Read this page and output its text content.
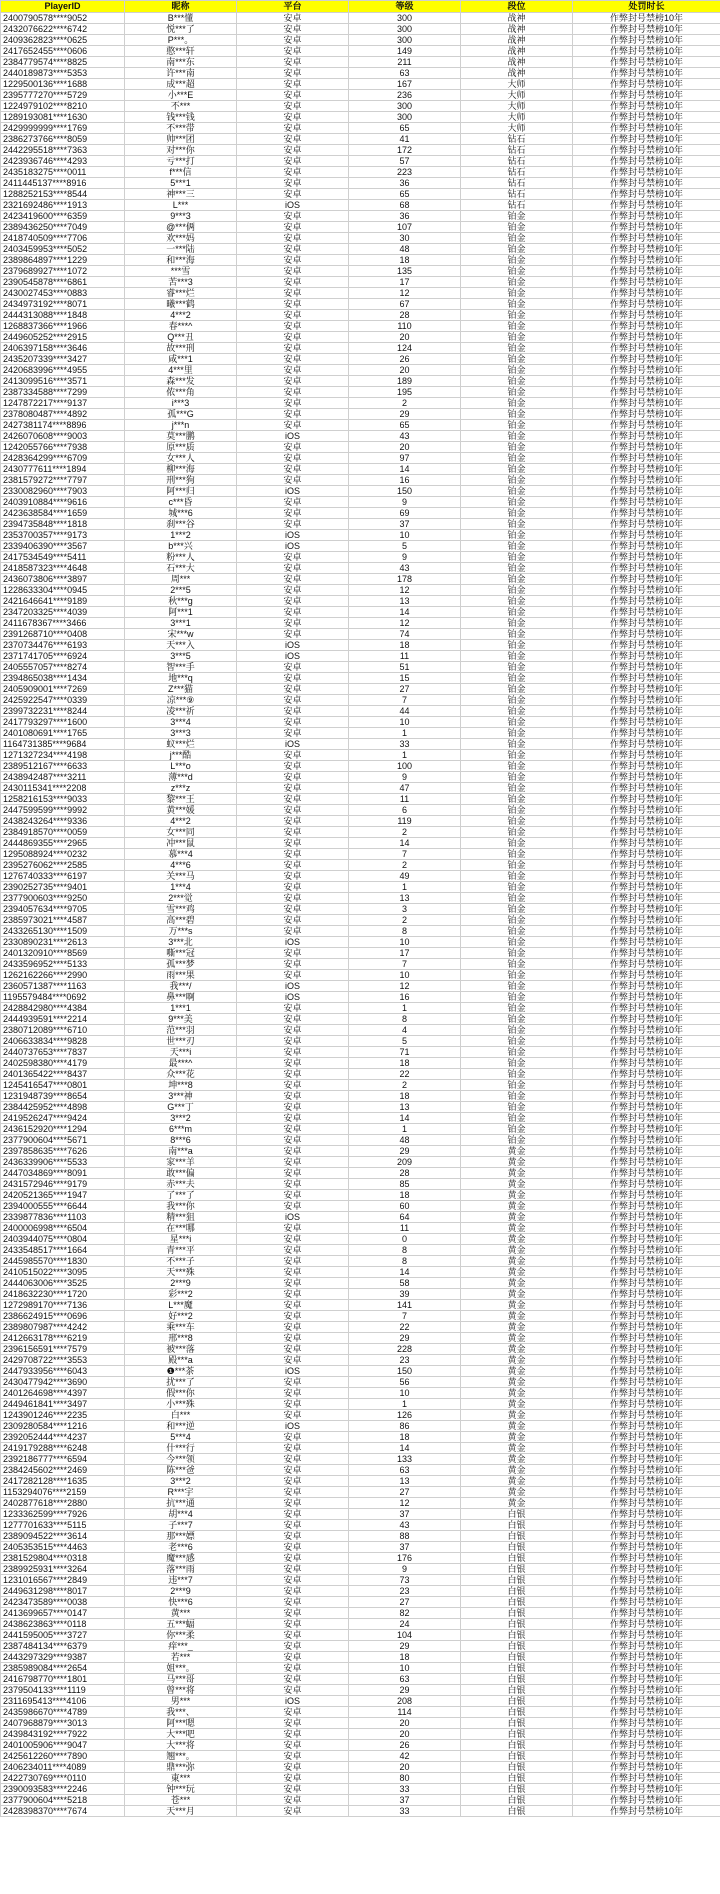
PlayerID	昵称	平台	等级	段位	处罚时长
2400790578****9052	B***懂	安卓	300	战神	作弊封号禁榜10年
2432076622****6742	悦***了	安卓	300	战神	作弊封号禁榜10年
2409362823****0625	P***。	安卓	300	战神	作弊封号禁榜10年
2417652455****0606	憨***轩	安卓	149	战神	作弊封号禁榜10年
2384779574****8825	南***东	安卓	211	战神	作弊封号禁榜10年
2440189873****5353	许***南	安卓	63	战神	作弊封号禁榜10年
1229500136****1688	成***超	安卓	167	大师	作弊封号禁榜10年
2395777270****5729	小***E	安卓	236	大师	作弊封号禁榜10年
1224979102****8210	不***	安卓	300	大师	作弊封号禁榜10年
1289193081****1630	钱***钱	安卓	300	大师	作弊封号禁榜10年
2429999999****1769	不***带	安卓	65	大师	作弊封号禁榜10年
2386273766****8059	帅***团	安卓	41	钻石	作弊封号禁榜10年
2442295518****7363	对***你	安卓	172	钻石	作弊封号禁榜10年
2423936746****4293	亏***打	安卓	57	钻石	作弊封号禁榜10年
2435183275****0011	f***信	安卓	223	钻石	作弊封号禁榜10年
2411445137****8916	5***1	安卓	36	钻石	作弊封号禁榜10年
1288252153****8544	神***三	安卓	65	钻石	作弊封号禁榜10年
2321692486****1913	L***	iOS	68	钻石	作弊封号禁榜10年
2423419600****6359	9***3	安卓	36	铂金	作弊封号禁榜10年
2389436250****7049	@***俩	安卓	107	铂金	作弊封号禁榜10年
2418740509****7706	欢***妈	安卓	30	铂金	作弊封号禁榜10年
2403459953****5052	一***陆	安卓	48	铂金	作弊封号禁榜10年
2389864897****1229	和***海	安卓	18	铂金	作弊封号禁榜10年
2379689927****1072	***雪	安卓	135	铂金	作弊封号禁榜10年
2390545878****6861	苦***3	安卓	17	铂金	作弊封号禁榜10年
2430027453****0883	睿***烂	安卓	12	铂金	作弊封号禁榜10年
2434973192****8071	曦***鹤	安卓	67	铂金	作弊封号禁榜10年
2444313088****1848	4***2	安卓	28	铂金	作弊封号禁榜10年
1268837366****1966	春***^	安卓	110	铂金	作弊封号禁榜10年
2449605252****2915	Q***丑	安卓	20	铂金	作弊封号禁榜10年
2406397158****3646	故***刑	安卓	124	铂金	作弊封号禁榜10年
2435207339****3427	咸***1	安卓	26	铂金	作弊封号禁榜10年
2420683996****4955	4***里	安卓	20	铂金	作弊封号禁榜10年
2413099516****3571	森***发	安卓	189	铂金	作弊封号禁榜10年
2387334588****7299	侬***角	安卓	195	铂金	作弊封号禁榜10年
1247872217****9137	i***3	安卓	2	铂金	作弊封号禁榜10年
2378080487****4892	孤***G	安卓	29	铂金	作弊封号禁榜10年
2427381174****8896	j***n	安卓	65	铂金	作弊封号禁榜10年
2426070608****9003	莫***鹏	iOS	43	铂金	作弊封号禁榜10年
1242055766****7938	原***质	安卓	20	铂金	作弊封号禁榜10年
2428364299****6709	女***人	安卓	97	铂金	作弊封号禁榜10年
2430777611****1894	柳***海	安卓	14	铂金	作弊封号禁榜10年
2381579272****7797	刑***狗	安卓	16	铂金	作弊封号禁榜10年
2330082960****7903	阿***归	iOS	150	铂金	作弊封号禁榜10年
2403910884****9616	c***昏	安卓	9	铂金	作弊封号禁榜10年
2423638584****1659	城***6	安卓	69	铂金	作弊封号禁榜10年
2394735848****1818	刹***谷	安卓	37	铂金	作弊封号禁榜10年
2353700357****9173	1***2	iOS	10	铂金	作弊封号禁榜10年
2339406390****3567	b***兴	iOS	5	铂金	作弊封号禁榜10年
2417534549****5411	粉***人	安卓	9	铂金	作弊封号禁榜10年
2418587323****4648	石***大	安卓	43	铂金	作弊封号禁榜10年
2436073806****3897	周***	安卓	178	铂金	作弊封号禁榜10年
1228633304****0945	2***5	安卓	12	铂金	作弊封号禁榜10年
2421646641****9189	秋***g	安卓	13	铂金	作弊封号禁榜10年
2347203325****4039	阿***1	安卓	14	铂金	作弊封号禁榜10年
2411678367****3466	3***1	安卓	12	铂金	作弊封号禁榜10年
2391268710****0408	宋***w	安卓	74	铂金	作弊封号禁榜10年
2370734476****6193	天***入	iOS	18	铂金	作弊封号禁榜10年
2371741705****6924	3***5	iOS	11	铂金	作弊封号禁榜10年
2405557057****8274	智***手	安卓	51	铂金	作弊封号禁榜10年
2394865038****1434	地***q	安卓	15	铂金	作弊封号禁榜10年
2405909001****7269	Z***猫	安卓	27	铂金	作弊封号禁榜10年
2425922547****0339	凉***⑨	安卓	7	铂金	作弊封号禁榜10年
2399732231****8244	凌***祈	安卓	44	铂金	作弊封号禁榜10年
2417793297****1600	3***4	安卓	10	铂金	作弊封号禁榜10年
2401080691****1765	3***3	安卓	1	铂金	作弊封号禁榜10年
1164731385****9684	蚁***烂	iOS	33	铂金	作弊封号禁榜10年
1271327234****4198	j***酷	安卓	1	铂金	作弊封号禁榜10年
2389512167****6633	L***o	安卓	100	铂金	作弊封号禁榜10年
2438942487****3211	薄***d	安卓	9	铂金	作弊封号禁榜10年
2430115341****2208	z***z	安卓	47	铂金	作弊封号禁榜10年
1258216153****9033	黎***王	安卓	11	铂金	作弊封号禁榜10年
2447599599****9992	黄***媛	安卓	6	铂金	作弊封号禁榜10年
2438243264****9336	4***2	安卓	119	铂金	作弊封号禁榜10年
2384918570****0059	女***同	安卓	2	铂金	作弊封号禁榜10年
2444869355****2965	冲***鼠	安卓	14	铂金	作弊封号禁榜10年
1295088924****0232	慕***4	安卓	7	铂金	作弊封号禁榜10年
2395276062****2585	4***6	安卓	2	铂金	作弊封号禁榜10年
1276740333****6197	关***马	安卓	49	铂金	作弊封号禁榜10年
2390252735****9401	1***4	安卓	1	铂金	作弊封号禁榜10年
2377900603****9250	2***觉	安卓	13	铂金	作弊封号禁榜10年
2394057634****9705	雪***鸡	安卓	3	铂金	作弊封号禁榜10年
2385973021****4587	高***碧	安卓	2	铂金	作弊封号禁榜10年
2433265130****1509	万***s	安卓	8	铂金	作弊封号禁榜10年
2330890231****2613	3***北	iOS	10	铂金	作弊封号禁榜10年
2401320910****8569	嘶***冠	安卓	17	铂金	作弊封号禁榜10年
2433596952****5133	孤***梦	安卓	7	铂金	作弊封号禁榜10年
1262162266****2990	雨***果	安卓	10	铂金	作弊封号禁榜10年
2360571387****1163	我***/	iOS	12	铂金	作弊封号禁榜10年
1195579484****0692	鼻***啊	iOS	16	铂金	作弊封号禁榜10年
2428842980****4384	1***1	安卓	1	铂金	作弊封号禁榜10年
2444939591****2214	9***美	安卓	8	铂金	作弊封号禁榜10年
2380712089****6710	范***羽	安卓	4	铂金	作弊封号禁榜10年
2406633834****9828	世***刃	安卓	5	铂金	作弊封号禁榜10年
2440737653****7837	天***i	安卓	71	铂金	作弊封号禁榜10年
2402598380****4179	最***^	安卓	18	铂金	作弊封号禁榜10年
2401365422****8437	众***花	安卓	22	铂金	作弊封号禁榜10年
1245416547****0801	坤***8	安卓	2	铂金	作弊封号禁榜10年
1231948739****8654	3***神	安卓	18	铂金	作弊封号禁榜10年
2384425952****4898	G***丁	安卓	13	铂金	作弊封号禁榜10年
2419526247****9424	3***2	安卓	14	铂金	作弊封号禁榜10年
2436152920****1294	6***m	安卓	1	铂金	作弊封号禁榜10年
2377900604****5671	8***6	安卓	48	铂金	作弊封号禁榜10年
2397858635****7626	南***a	安卓	29	黄金	作弊封号禁榜10年
2436339906****5533	家***羊	安卓	209	黄金	作弊封号禁榜10年
2447034869****8091	敢***偏	安卓	28	黄金	作弊封号禁榜10年
2431572946****9179	赤***夫	安卓	85	黄金	作弊封号禁榜10年
2420521365****1947	了***了	安卓	18	黄金	作弊封号禁榜10年
2394000555****6644	我***你	安卓	60	黄金	作弊封号禁榜10年
2339877836****1103	精***狙	iOS	64	黄金	作弊封号禁榜10年
2400006998****6504	在***哪	安卓	11	黄金	作弊封号禁榜10年
2403944075****0804	星***i	安卓	0	黄金	作弊封号禁榜10年
2433548517****1664	青***平	安卓	8	黄金	作弊封号禁榜10年
2445985570****1830	不***子	安卓	8	黄金	作弊封号禁榜10年
2410515022****3095	天***殊	安卓	14	黄金	作弊封号禁榜10年
2444063006****3525	2***9	安卓	58	黄金	作弊封号禁榜10年
2418632230****1720	彩***2	安卓	39	黄金	作弊封号禁榜10年
1272989170****7136	L***魔	安卓	141	黄金	作弊封号禁榜10年
2386624915****0696	好***2	安卓	7	黄金	作弊封号禁榜10年
2389807987****4242	乘***车	安卓	22	黄金	作弊封号禁榜10年
2412663178****6219	邢***8	安卓	29	黄金	作弊封号禁榜10年
2396156591****7579	被***落	安卓	228	黄金	作弊封号禁榜10年
2429708722****3553	殿***a	安卓	23	黄金	作弊封号禁榜10年
2447933956****6043	❶***茶	iOS	150	黄金	作弊封号禁榜10年
2430477942****3690	扰***了	安卓	56	黄金	作弊封号禁榜10年
2401264698****4397	假***你	安卓	10	黄金	作弊封号禁榜10年
2449461841****3497	小***殊	安卓	1	黄金	作弊封号禁榜10年
1243901246****2235	白***	安卓	126	黄金	作弊封号禁榜10年
2309280584****1216	和***逆	iOS	86	黄金	作弊封号禁榜10年
2392052444****4237	5***4	安卓	18	黄金	作弊封号禁榜10年
2419179288****6248	什***行	安卓	14	黄金	作弊封号禁榜10年
2392186777****6594	今***领	安卓	133	黄金	作弊封号禁榜10年
2384245602****2469	陈***爸	安卓	63	黄金	作弊封号禁榜10年
2417282128****1635	3***2	安卓	13	黄金	作弊封号禁榜10年
1153294076****2159	R***宇	安卓	27	黄金	作弊封号禁榜10年
2402877618****2880	抗***通	安卓	12	黄金	作弊封号禁榜10年
1233362599****7926	胡***4	安卓	37	白银	作弊封号禁榜10年
1277701633****5115	子***7	安卓	43	白银	作弊封号禁榜10年
2389094522****3614	那***嫖	安卓	88	白银	作弊封号禁榜10年
2405353515****4463	老***6	安卓	37	白银	作弊封号禁榜10年
2381529804****0318	魔***感	安卓	176	白银	作弊封号禁榜10年
2389925931****3264	落***雨	安卓	9	白银	作弊封号禁榜10年
1231016567****2849	违***7	安卓	73	白银	作弊封号禁榜10年
2449631298****8017	2***9	安卓	23	白银	作弊封号禁榜10年
2423473589****0038	快***6	安卓	27	白银	作弊封号禁榜10年
2413699657****0147	黄***	安卓	82	白银	作弊封号禁榜10年
2438623863****0118	五***蝠	安卓	24	白银	作弊封号禁榜10年
2441595005****3727	你***柔	安卓	104	白银	作弊封号禁榜10年
2387484134****6379	痒***_	安卓	29	白银	作弊封号禁榜10年
2443297329****9387	若***	安卓	18	白银	作弊封号禁榜10年
2385989084****2654	姐***。	安卓	10	白银	作弊封号禁榜10年
2416798770****1801	马***哥	安卓	63	白银	作弊封号禁榜10年
2379504133****1119	曾***将	安卓	29	白银	作弊封号禁榜10年
2311695413****4106	男***	iOS	208	白银	作弊封号禁榜10年
2435986670****4789	我***、	安卓	114	白银	作弊封号禁榜10年
2407968879****3013	阿***嗯	安卓	20	白银	作弊封号禁榜10年
2439843192****7922	大***吧	安卓	20	白银	作弊封号禁榜10年
2401005906****9047	大***将	安卓	26	白银	作弊封号禁榜10年
2425612260****7890	翘***。	安卓	42	白银	作弊封号禁榜10年
2406234011****4089	鼎***弥	安卓	20	白银	作弊封号禁榜10年
2422730769****0110	東***	安卓	80	白银	作弊封号禁榜10年
2390093583****2246	钟***玩	安卓	33	白银	作弊封号禁榜10年
2377900604****5218	苍***	安卓	37	白银	作弊封号禁榜10年
2428398370****7674	天***月	安卓	33	白银	作弊封号禁榜10年
